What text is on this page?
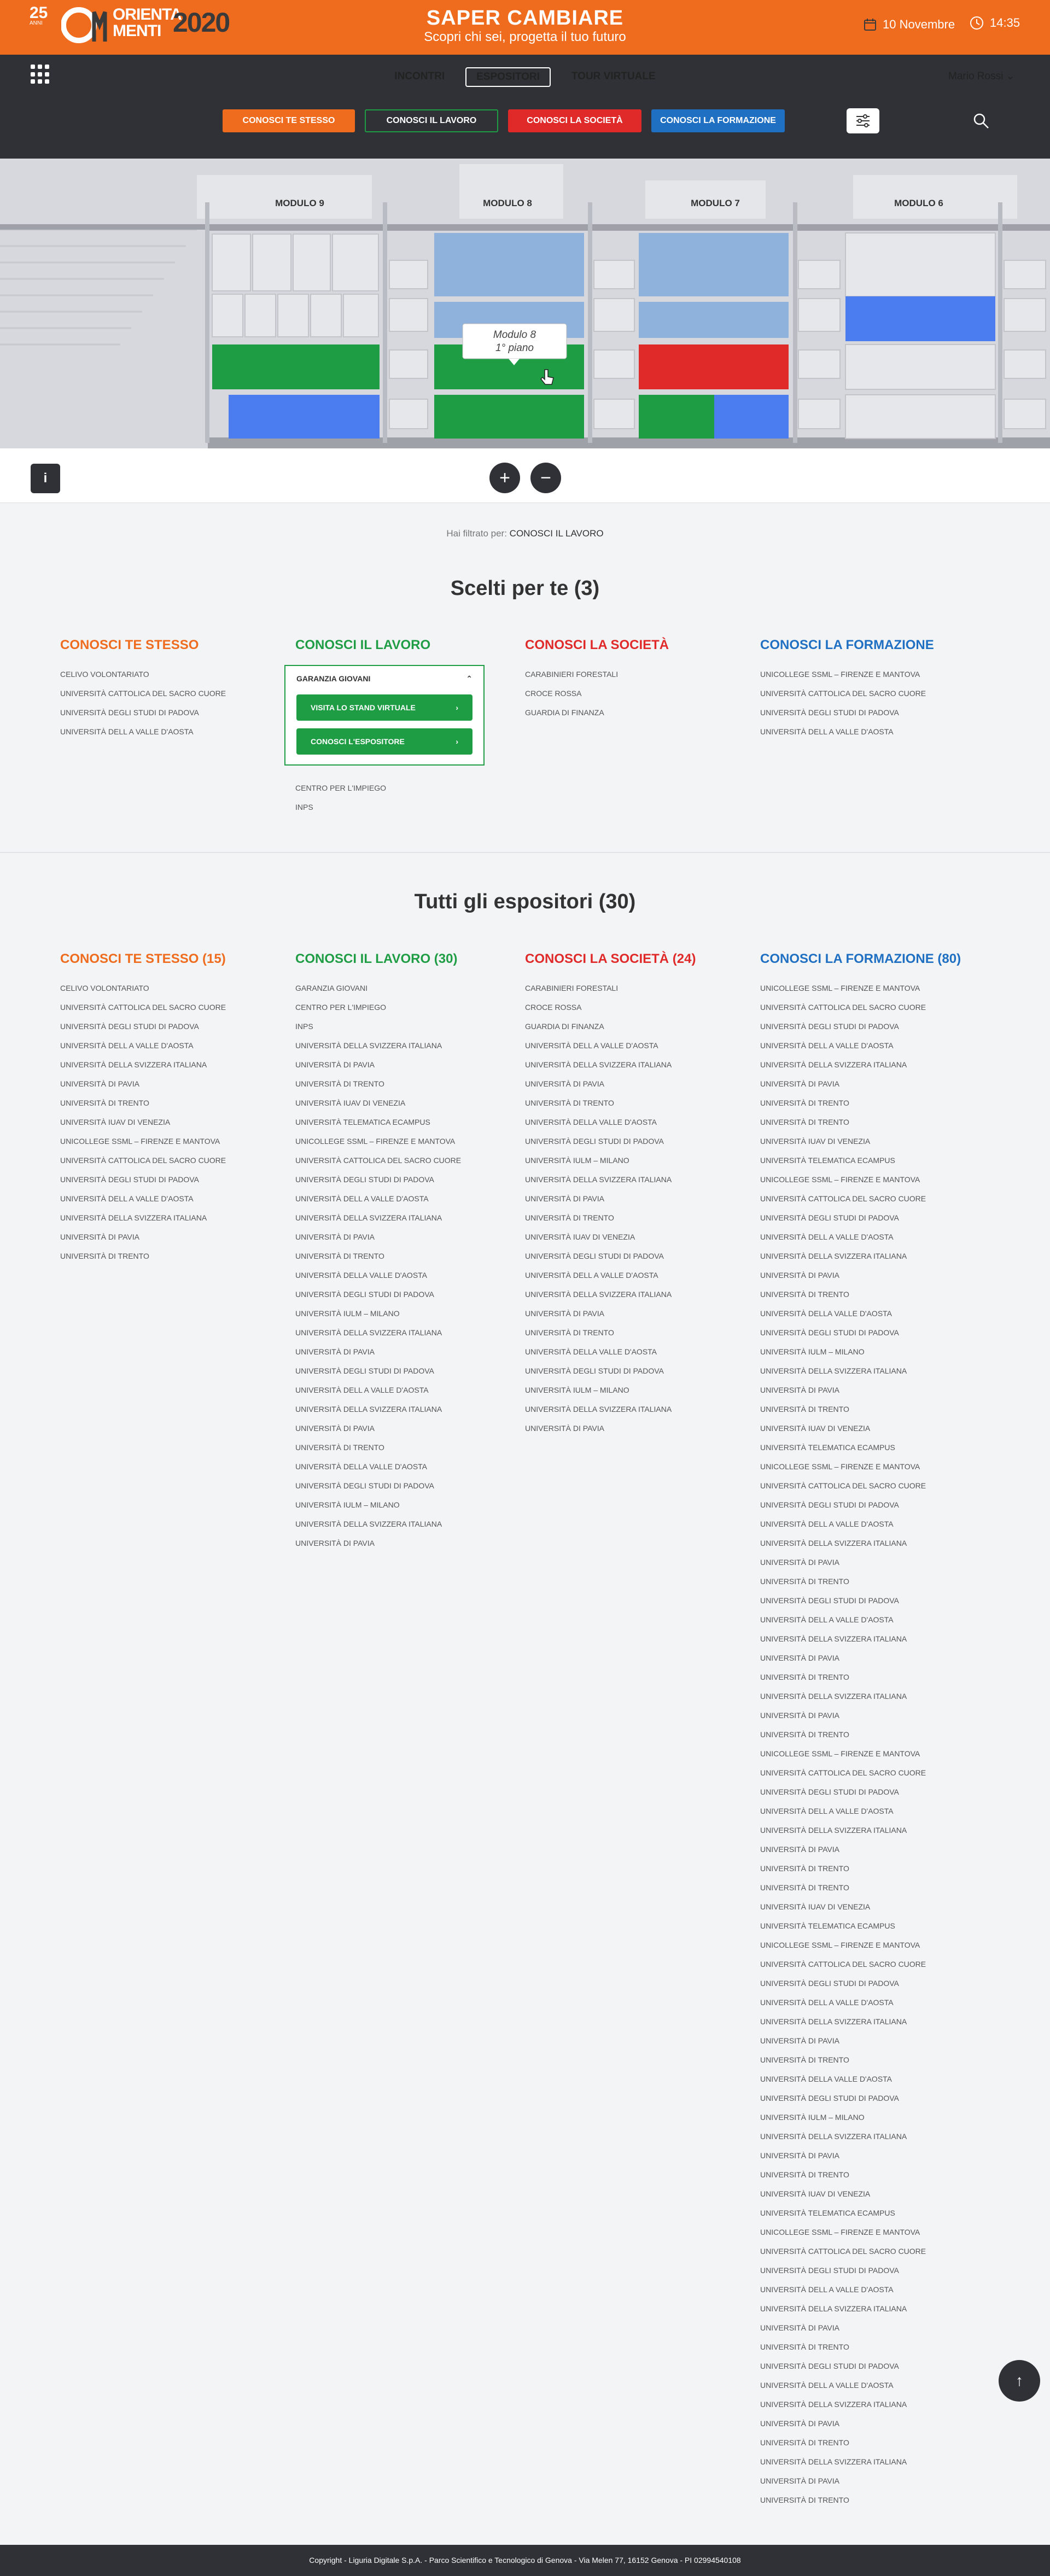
25
ANNI	ORIENTA
MENTI 2020	SAPER CAMBIARE
Scopri chi sei, progetta il tuo futuro
10 Novembre	14:35
INCONTRI	ESPOSITORI	TOUR VIRTUALE	Mario Rossi ⌄
CONOSCI TE STESSO	CONOSCI IL LAVORO	CONOSCI LA SOCIETÀ	CONOSCI LA FORMAZIONE
MODULO 9	MODULO 8	MODULO 7	MODULO 6
Modulo 8
1° piano
i	+ −
Hai filtrato per: CONOSCI IL LAVORO
Scelti per te (3)
CONOSCI TE STESSO
CELIVO VOLONTARIATO
UNIVERSITÀ CATTOLICA DEL SACRO CUORE
UNIVERSITÀ DEGLI STUDI DI PADOVA
UNIVERSITÀ DELL A VALLE D'AOSTA
CONOSCI IL LAVORO
GARANZIA GIOVANI	⌃
VISITA LO STAND VIRTUALE	›
CONOSCI L'ESPOSITORE	›
CENTRO PER L'IMPIEGO
INPS
CONOSCI LA SOCIETÀ
CARABINIERI FORESTALI
CROCE ROSSA
GUARDIA DI FINANZA
CONOSCI LA FORMAZIONE
UNICOLLEGE SSML – FIRENZE E MANTOVA
UNIVERSITÀ CATTOLICA DEL SACRO CUORE
UNIVERSITÀ DEGLI STUDI DI PADOVA
UNIVERSITÀ DELL A VALLE D'AOSTA
Tutti gli espositori (30)
CONOSCI TE STESSO (15)
CELIVO VOLONTARIATO
UNIVERSITÀ CATTOLICA DEL SACRO CUORE
UNIVERSITÀ DEGLI STUDI DI PADOVA
UNIVERSITÀ DELL A VALLE D'AOSTA
UNIVERSITÀ DELLA SVIZZERA ITALIANA
UNIVERSITÀ DI PAVIA
UNIVERSITÀ DI TRENTO
UNIVERSITÀ IUAV DI VENEZIA
UNICOLLEGE SSML – FIRENZE E MANTOVA
UNIVERSITÀ CATTOLICA DEL SACRO CUORE
UNIVERSITÀ DEGLI STUDI DI PADOVA
UNIVERSITÀ DELL A VALLE D'AOSTA
UNIVERSITÀ DELLA SVIZZERA ITALIANA
UNIVERSITÀ DI PAVIA
UNIVERSITÀ DI TRENTO
CONOSCI IL LAVORO (30)
GARANZIA GIOVANI
CENTRO PER L'IMPIEGO
INPS
UNIVERSITÀ DELLA SVIZZERA ITALIANA
UNIVERSITÀ DI PAVIA
UNIVERSITÀ DI TRENTO
UNIVERSITÀ IUAV DI VENEZIA
UNIVERSITÀ TELEMATICA ECAMPUS
UNICOLLEGE SSML – FIRENZE E MANTOVA
UNIVERSITÀ CATTOLICA DEL SACRO CUORE
UNIVERSITÀ DEGLI STUDI DI PADOVA
UNIVERSITÀ DELL A VALLE D'AOSTA
UNIVERSITÀ DELLA SVIZZERA ITALIANA
UNIVERSITÀ DI PAVIA
UNIVERSITÀ DI TRENTO
UNIVERSITÀ DELLA VALLE D'AOSTA
UNIVERSITÀ DEGLI STUDI DI PADOVA
UNIVERSITÀ IULM – MILANO
UNIVERSITÀ DELLA SVIZZERA ITALIANA
UNIVERSITÀ DI PAVIA
UNIVERSITÀ DEGLI STUDI DI PADOVA
UNIVERSITÀ DELL A VALLE D'AOSTA
UNIVERSITÀ DELLA SVIZZERA ITALIANA
UNIVERSITÀ DI PAVIA
UNIVERSITÀ DI TRENTO
UNIVERSITÀ DELLA VALLE D'AOSTA
UNIVERSITÀ DEGLI STUDI DI PADOVA
UNIVERSITÀ IULM – MILANO
UNIVERSITÀ DELLA SVIZZERA ITALIANA
UNIVERSITÀ DI PAVIA
CONOSCI LA SOCIETÀ (24)
CARABINIERI FORESTALI
CROCE ROSSA
GUARDIA DI FINANZA
UNIVERSITÀ DELL A VALLE D'AOSTA
UNIVERSITÀ DELLA SVIZZERA ITALIANA
UNIVERSITÀ DI PAVIA
UNIVERSITÀ DI TRENTO
UNIVERSITÀ DELLA VALLE D'AOSTA
UNIVERSITÀ DEGLI STUDI DI PADOVA
UNIVERSITÀ IULM – MILANO
UNIVERSITÀ DELLA SVIZZERA ITALIANA
UNIVERSITÀ DI PAVIA
UNIVERSITÀ DI TRENTO
UNIVERSITÀ IUAV DI VENEZIA
UNIVERSITÀ DEGLI STUDI DI PADOVA
UNIVERSITÀ DELL A VALLE D'AOSTA
UNIVERSITÀ DELLA SVIZZERA ITALIANA
UNIVERSITÀ DI PAVIA
UNIVERSITÀ DI TRENTO
UNIVERSITÀ DELLA VALLE D'AOSTA
UNIVERSITÀ DEGLI STUDI DI PADOVA
UNIVERSITÀ IULM – MILANO
UNIVERSITÀ DELLA SVIZZERA ITALIANA
UNIVERSITÀ DI PAVIA
CONOSCI LA FORMAZIONE (80)
UNICOLLEGE SSML – FIRENZE E MANTOVA
UNIVERSITÀ CATTOLICA DEL SACRO CUORE
UNIVERSITÀ DEGLI STUDI DI PADOVA
UNIVERSITÀ DELL A VALLE D'AOSTA
UNIVERSITÀ DELLA SVIZZERA ITALIANA
UNIVERSITÀ DI PAVIA
UNIVERSITÀ DI TRENTO
UNIVERSITÀ DI TRENTO
UNIVERSITÀ IUAV DI VENEZIA
UNIVERSITÀ TELEMATICA ECAMPUS
UNICOLLEGE SSML – FIRENZE E MANTOVA
UNIVERSITÀ CATTOLICA DEL SACRO CUORE
UNIVERSITÀ DEGLI STUDI DI PADOVA
UNIVERSITÀ DELL A VALLE D'AOSTA
UNIVERSITÀ DELLA SVIZZERA ITALIANA
UNIVERSITÀ DI PAVIA
UNIVERSITÀ DI TRENTO
UNIVERSITÀ DELLA VALLE D'AOSTA
UNIVERSITÀ DEGLI STUDI DI PADOVA
UNIVERSITÀ IULM – MILANO
UNIVERSITÀ DELLA SVIZZERA ITALIANA
UNIVERSITÀ DI PAVIA
UNIVERSITÀ DI TRENTO
UNIVERSITÀ IUAV DI VENEZIA
UNIVERSITÀ TELEMATICA ECAMPUS
UNICOLLEGE SSML – FIRENZE E MANTOVA
UNIVERSITÀ CATTOLICA DEL SACRO CUORE
UNIVERSITÀ DEGLI STUDI DI PADOVA
UNIVERSITÀ DELL A VALLE D'AOSTA
UNIVERSITÀ DELLA SVIZZERA ITALIANA
UNIVERSITÀ DI PAVIA
UNIVERSITÀ DI TRENTO
UNIVERSITÀ DEGLI STUDI DI PADOVA
UNIVERSITÀ DELL A VALLE D'AOSTA
UNIVERSITÀ DELLA SVIZZERA ITALIANA
UNIVERSITÀ DI PAVIA
UNIVERSITÀ DI TRENTO
UNIVERSITÀ DELLA SVIZZERA ITALIANA
UNIVERSITÀ DI PAVIA
UNIVERSITÀ DI TRENTO
UNICOLLEGE SSML – FIRENZE E MANTOVA
UNIVERSITÀ CATTOLICA DEL SACRO CUORE
UNIVERSITÀ DEGLI STUDI DI PADOVA
UNIVERSITÀ DELL A VALLE D'AOSTA
UNIVERSITÀ DELLA SVIZZERA ITALIANA
UNIVERSITÀ DI PAVIA
UNIVERSITÀ DI TRENTO
UNIVERSITÀ DI TRENTO
UNIVERSITÀ IUAV DI VENEZIA
UNIVERSITÀ TELEMATICA ECAMPUS
UNICOLLEGE SSML – FIRENZE E MANTOVA
UNIVERSITÀ CATTOLICA DEL SACRO CUORE
UNIVERSITÀ DEGLI STUDI DI PADOVA
UNIVERSITÀ DELL A VALLE D'AOSTA
UNIVERSITÀ DELLA SVIZZERA ITALIANA
UNIVERSITÀ DI PAVIA
UNIVERSITÀ DI TRENTO
UNIVERSITÀ DELLA VALLE D'AOSTA
UNIVERSITÀ DEGLI STUDI DI PADOVA
UNIVERSITÀ IULM – MILANO
UNIVERSITÀ DELLA SVIZZERA ITALIANA
UNIVERSITÀ DI PAVIA
UNIVERSITÀ DI TRENTO
UNIVERSITÀ IUAV DI VENEZIA
UNIVERSITÀ TELEMATICA ECAMPUS
UNICOLLEGE SSML – FIRENZE E MANTOVA
UNIVERSITÀ CATTOLICA DEL SACRO CUORE
UNIVERSITÀ DEGLI STUDI DI PADOVA
UNIVERSITÀ DELL A VALLE D'AOSTA
UNIVERSITÀ DELLA SVIZZERA ITALIANA
UNIVERSITÀ DI PAVIA
UNIVERSITÀ DI TRENTO
UNIVERSITÀ DEGLI STUDI DI PADOVA
UNIVERSITÀ DELL A VALLE D'AOSTA
UNIVERSITÀ DELLA SVIZZERA ITALIANA
UNIVERSITÀ DI PAVIA
UNIVERSITÀ DI TRENTO
UNIVERSITÀ DELLA SVIZZERA ITALIANA
UNIVERSITÀ DI PAVIA
UNIVERSITÀ DI TRENTO
↑
Copyright - Liguria Digitale S.p.A. - Parco Scientifico e Tecnologico di Genova - Via Melen 77, 16152 Genova - PI 02994540108
